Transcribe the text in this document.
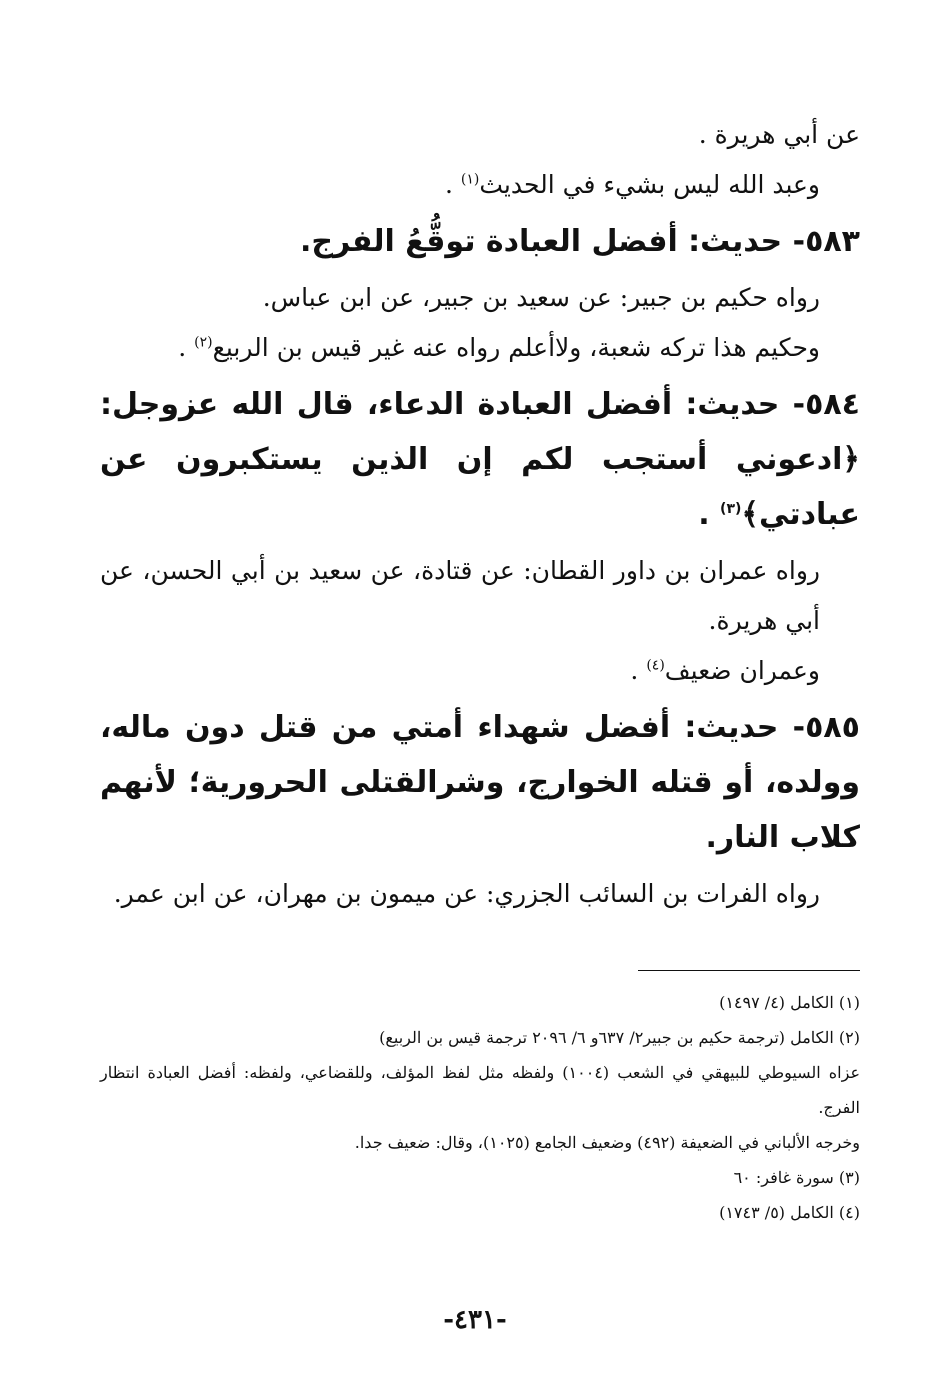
عن أبي هريرة .

وعبد الله ليس بشيء في الحديث$^{(١)}$ .

٥٨٣- حديث: أفضل العبادة توقُّعُ الفرج.

رواه حكيم بن جبير: عن سعيد بن جبير، عن ابن عباس.

وحكيم هذا تركه شعبة، ولاأعلم رواه عنه غير قيس بن الربيع$^{(٢)}$ .

٥٨٤- حديث: أفضل العبادة الدعاء، قال الله عزوجل: ﴿ادعوني أستجب لكم إن الذين يستكبرون عن عبادتي﴾$^{(٣)}$ .

رواه عمران بن داور القطان: عن قتادة، عن سعيد بن أبي الحسن، عن أبي هريرة.

وعمران ضعيف$^{(٤)}$ .

٥٨٥- حديث: أفضل شهداء أمتي من قتل دون ماله، وولده، أو قتله الخوارج، وشرالقتلى الحرورية؛ لأنهم كلاب النار.

رواه الفرات بن السائب الجزري: عن ميمون بن مهران، عن ابن عمر.

(١) الكامل (٤/ ١٤٩٧)

(٢) الكامل (ترجمة حكيم بن جبير٢/ ٦٣٧و ٦/ ٢٠٩٦ ترجمة قيس بن الربيع)

عزاه السيوطي للبيهقي في الشعب (١٠٠٤) ولفظه مثل لفظ المؤلف، وللقضاعي، ولفظه: أفضل العبادة انتظار الفرج.

وخرجه الألباني في الضعيفة (٤٩٢) وضعيف الجامع (١٠٢٥)، وقال: ضعيف جدا.

(٣) سورة غافر: ٦٠

(٤) الكامل (٥/ ١٧٤٣)

-٤٣١-
